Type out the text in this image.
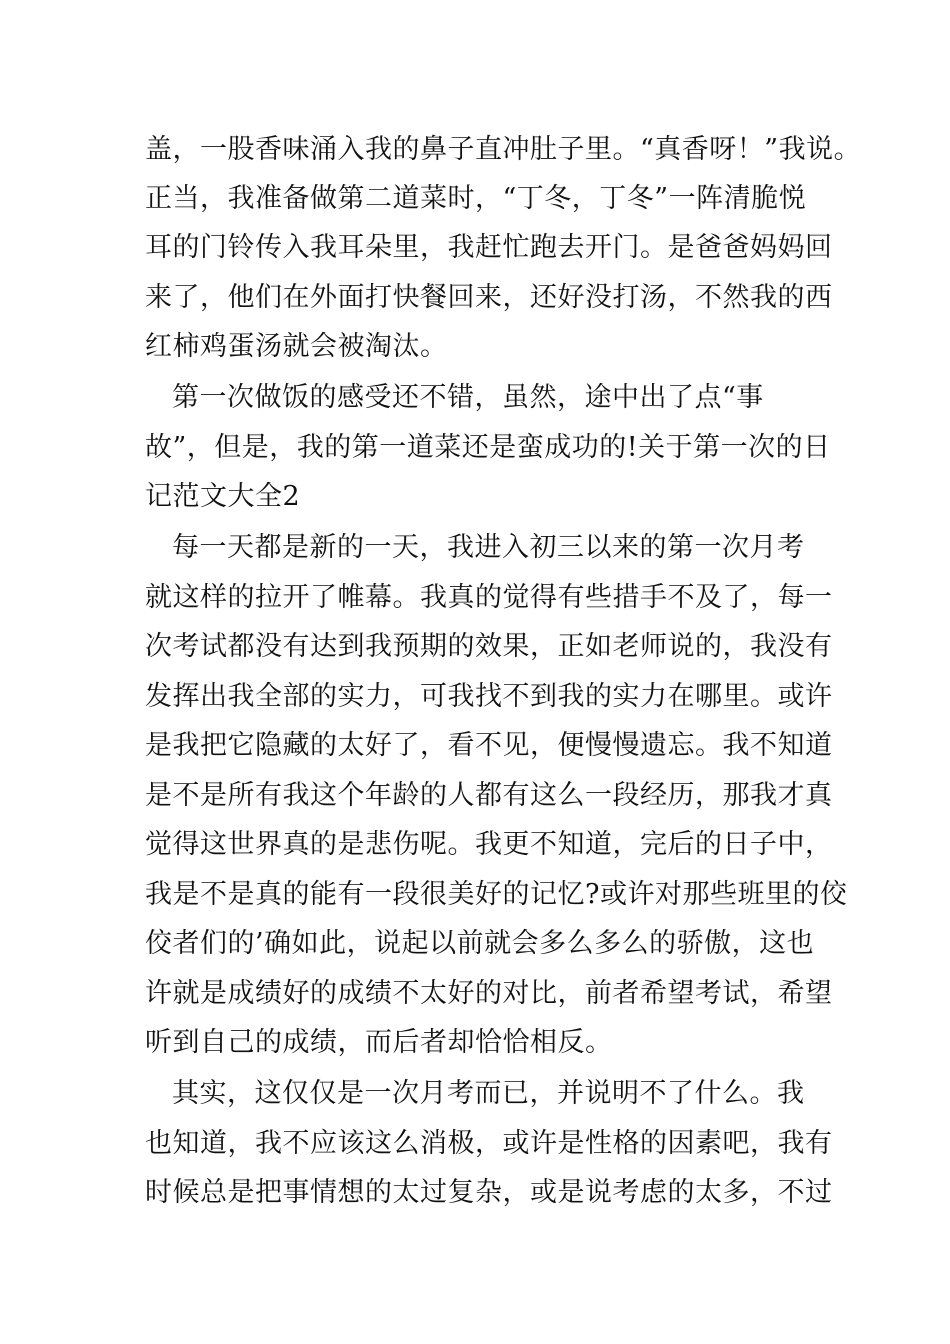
盖，一股香味涌入我的鼻子直冲肚子里。“真香呀！”我说。
正当，我准备做第二道菜时，“丁冬，丁冬”一阵清脆悦
耳的门铃传入我耳朵里，我赶忙跑去开门。是爸爸妈妈回
来了，他们在外面打快餐回来，还好没打汤，不然我的西
红柿鸡蛋汤就会被淘汰。
第一次做饭的感受还不错，虽然，途中出了点“事
故”，但是，我的第一道菜还是蛮成功的!关于第一次的日
记范文大全2
每一天都是新的一天，我进入初三以来的第一次月考
就这样的拉开了帷幕。我真的觉得有些措手不及了，每一
次考试都没有达到我预期的效果，正如老师说的，我没有
发挥出我全部的实力，可我找不到我的实力在哪里。或许
是我把它隐藏的太好了，看不见，便慢慢遗忘。我不知道
是不是所有我这个年龄的人都有这么一段经历，那我才真
觉得这世界真的是悲伤呢。我更不知道，完后的日子中，
我是不是真的能有一段很美好的记忆?或许对那些班里的佼
佼者们的’确如此，说起以前就会多么多么的骄傲，这也
许就是成绩好的成绩不太好的对比，前者希望考试，希望
听到自己的成绩，而后者却恰恰相反。
其实，这仅仅是一次月考而已，并说明不了什么。我
也知道，我不应该这么消极，或许是性格的因素吧，我有
时候总是把事情想的太过复杂，或是说考虑的太多，不过
